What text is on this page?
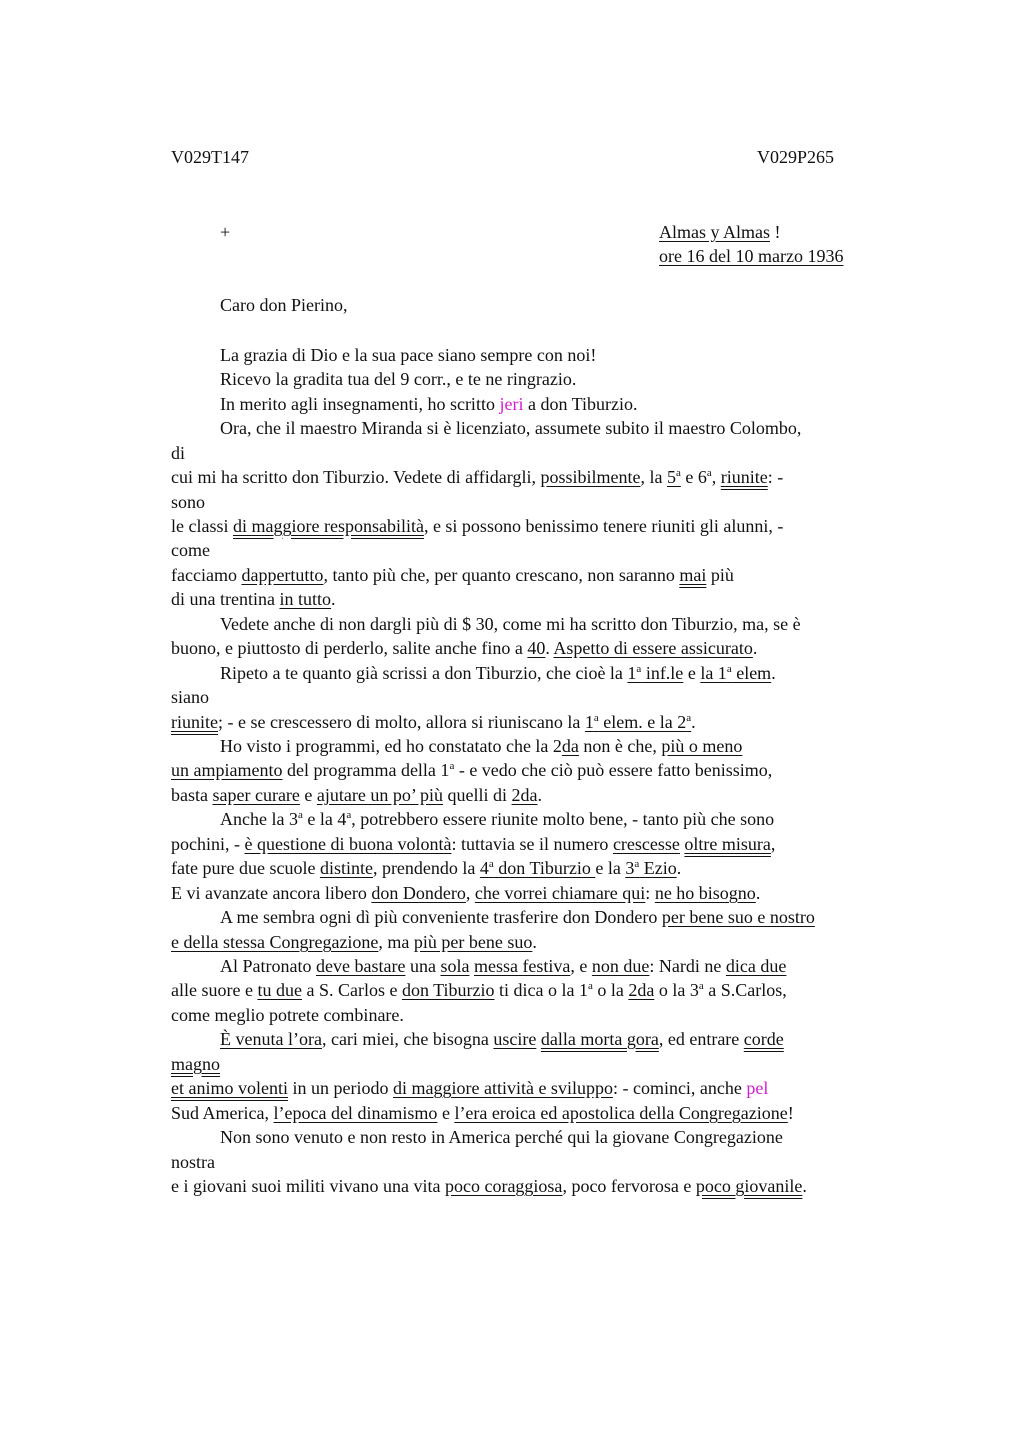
V029T147	V029P265
+	Almas y Almas !
ore 16 del 10 marzo 1936
Caro don Pierino,
La grazia di Dio e la sua pace siano sempre con noi!
Ricevo la gradita tua del 9 corr., e te ne ringrazio.
In merito agli insegnamenti, ho scritto jeri a don Tiburzio.
Ora, che il maestro Miranda si è licenziato, assumete subito il maestro Colombo,
di
cui mi ha scritto don Tiburzio. Vedete di affidargli, possibilmente, la 5$^a$ e 6$^a$, riunite: -
sono
le classi di maggiore responsabilità, e si possono benissimo tenere riuniti gli alunni, -
come
facciamo dappertutto, tanto più che, per quanto crescano, non saranno mai più
di una trentina in tutto.
Vedete anche di non dargli più di $ 30, come mi ha scritto don Tiburzio, ma, se è
buono, e piuttosto di perderlo, salite anche fino a 40. Aspetto di essere assicurato.
Ripeto a te quanto già scrissi a don Tiburzio, che cioè la 1$^a$ inf.le e la 1$^a$ elem.
siano
riunite; - e se crescessero di molto, allora si riuniscano la 1$^a$ elem. e la 2$^a$.
Ho visto i programmi, ed ho constatato che la 2da non è che, più o meno
un ampiamento del programma della 1$^a$ - e vedo che ciò può essere fatto benissimo,
basta saper curare e ajutare un po’ più quelli di 2da.
Anche la 3$^a$ e la 4$^a$, potrebbero essere riunite molto bene, - tanto più che sono
pochini, - è questione di buona volontà: tuttavia se il numero crescesse oltre misura,
fate pure due scuole distinte, prendendo la 4$^a$ don Tiburzio e la 3$^a$ Ezio.
E vi avanzate ancora libero don Dondero, che vorrei chiamare qui: ne ho bisogno.
A me sembra ogni dì più conveniente trasferire don Dondero per bene suo e nostro
e della stessa Congregazione, ma più per bene suo.
Al Patronato deve bastare una sola messa festiva, e non due: Nardi ne dica due
alle suore e tu due a S. Carlos e don Tiburzio ti dica o la 1$^a$ o la 2da o la 3$^a$ a S.Carlos,
come meglio potrete combinare.
È venuta l’ora, cari miei, che bisogna uscire dalla morta gora, ed entrare corde
magno
et animo volenti in un periodo di maggiore attività e sviluppo: - cominci, anche pel
Sud America, l’epoca del dinamismo e l’era eroica ed apostolica della Congregazione!
Non sono venuto e non resto in America perché qui la giovane Congregazione
nostra
e i giovani suoi militi vivano una vita poco coraggiosa, poco fervorosa e poco giovanile.
